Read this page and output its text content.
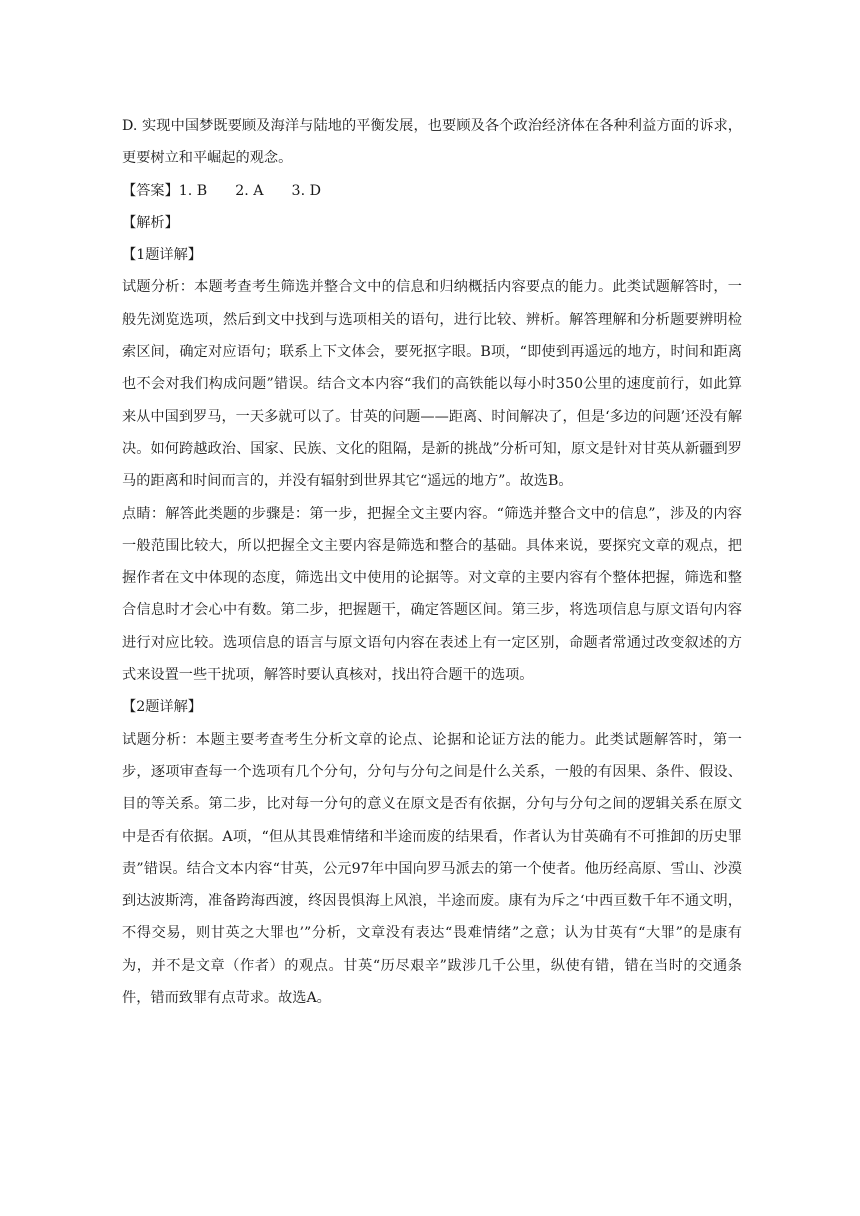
D. 实现中国梦既要顾及海洋与陆地的平衡发展，也要顾及各个政治经济体在各种利益方面的诉求，更要树立和平崛起的观念。

【答案】1. B 2. A 3. D

【解析】

【1题详解】

试题分析：本题考查考生筛选并整合文中的信息和归纳概括内容要点的能力。此类试题解答时，一般先浏览选项，然后到文中找到与选项相关的语句，进行比较、辨析。解答理解和分析题要辨明检索区间，确定对应语句；联系上下文体会，要死抠字眼。B项，“即使到再遥远的地方，时间和距离也不会对我们构成问题”错误。结合文本内容“我们的高铁能以每小时350公里的速度前行，如此算来从中国到罗马，一天多就可以了。甘英的问题——距离、时间解决了，但是‘多边的问题’还没有解决。如何跨越政治、国家、民族、文化的阻隔，是新的挑战”分析可知，原文是针对甘英从新疆到罗马的距离和时间而言的，并没有辐射到世界其它“遥远的地方”。故选B。

点睛：解答此类题的步骤是：第一步，把握全文主要内容。“筛选并整合文中的信息”，涉及的内容一般范围比较大，所以把握全文主要内容是筛选和整合的基础。具体来说，要探究文章的观点，把握作者在文中体现的态度，筛选出文中使用的论据等。对文章的主要内容有个整体把握，筛选和整合信息时才会心中有数。第二步，把握题干，确定答题区间。第三步，将选项信息与原文语句内容进行对应比较。选项信息的语言与原文语句内容在表述上有一定区别，命题者常通过改变叙述的方式来设置一些干扰项，解答时要认真核对，找出符合题干的选项。

【2题详解】

试题分析：本题主要考查考生分析文章的论点、论据和论证方法的能力。此类试题解答时，第一步，逐项审查每一个选项有几个分句，分句与分句之间是什么关系，一般的有因果、条件、假设、目的等关系。第二步，比对每一分句的意义在原文是否有依据，分句与分句之间的逻辑关系在原文中是否有依据。A项，“但从其畏难情绪和半途而废的结果看，作者认为甘英确有不可推卸的历史罪责”错误。结合文本内容“甘英，公元97年中国向罗马派去的第一个使者。他历经高原、雪山、沙漠到达波斯湾，准备跨海西渡，终因畏惧海上风浪，半途而废。康有为斥之‘中西亘数千年不通文明，不得交易，则甘英之大罪也’”分析，文章没有表达“畏难情绪”之意；认为甘英有“大罪”的是康有为，并不是文章（作者）的观点。甘英“历尽艰辛”跋涉几千公里，纵使有错，错在当时的交通条件，错而致罪有点苛求。故选A。
